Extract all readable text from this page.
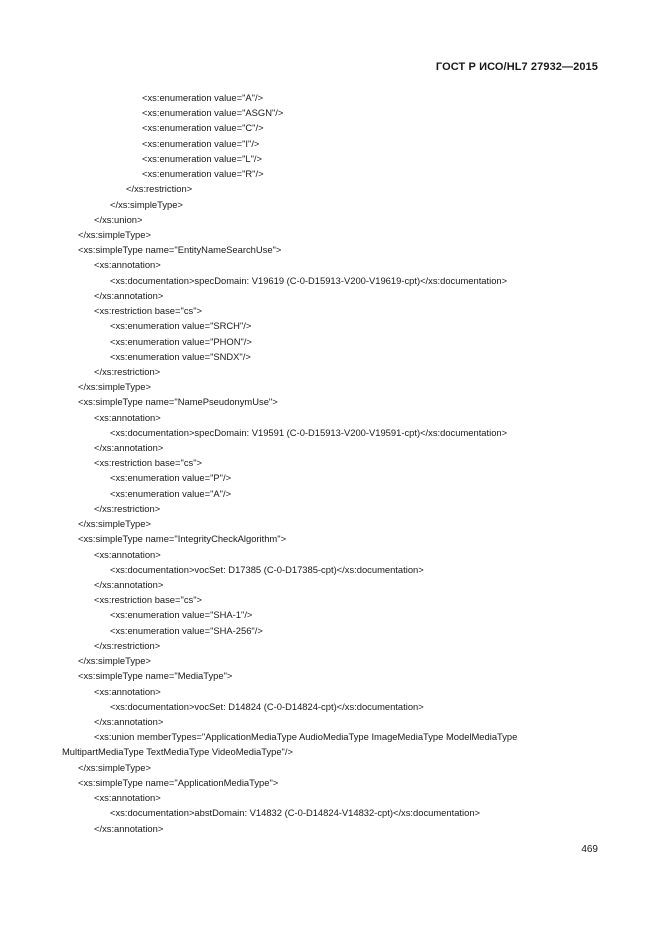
ГОСТ Р ИСО/HL7 27932—2015
<xs:enumeration value="A"/>
<xs:enumeration value="ASGN"/>
<xs:enumeration value="C"/>
<xs:enumeration value="I"/>
<xs:enumeration value="L"/>
<xs:enumeration value="R"/>
</xs:restriction>
</xs:simpleType>
</xs:union>
</xs:simpleType>
<xs:simpleType name="EntityNameSearchUse">
<xs:annotation>
<xs:documentation>specDomain: V19619 (C-0-D15913-V200-V19619-cpt)</xs:documentation>
</xs:annotation>
<xs:restriction base="cs">
<xs:enumeration value="SRCH"/>
<xs:enumeration value="PHON"/>
<xs:enumeration value="SNDX"/>
</xs:restriction>
</xs:simpleType>
<xs:simpleType name="NamePseudonymUse">
<xs:annotation>
<xs:documentation>specDomain: V19591 (C-0-D15913-V200-V19591-cpt)</xs:documentation>
</xs:annotation>
<xs:restriction base="cs">
<xs:enumeration value="P"/>
<xs:enumeration value="A"/>
</xs:restriction>
</xs:simpleType>
<xs:simpleType name="IntegrityCheckAlgorithm">
<xs:annotation>
<xs:documentation>vocSet: D17385 (C-0-D17385-cpt)</xs:documentation>
</xs:annotation>
<xs:restriction base="cs">
<xs:enumeration value="SHA-1"/>
<xs:enumeration value="SHA-256"/>
</xs:restriction>
</xs:simpleType>
<xs:simpleType name="MediaType">
<xs:annotation>
<xs:documentation>vocSet: D14824 (C-0-D14824-cpt)</xs:documentation>
</xs:annotation>
<xs:union memberTypes="ApplicationMediaType AudioMediaType ImageMediaType ModelMediaType
MultipartMediaType TextMediaType VideoMediaType"/>
</xs:simpleType>
<xs:simpleType name="ApplicationMediaType">
<xs:annotation>
<xs:documentation>abstDomain: V14832 (C-0-D14824-V14832-cpt)</xs:documentation>
</xs:annotation>
469
